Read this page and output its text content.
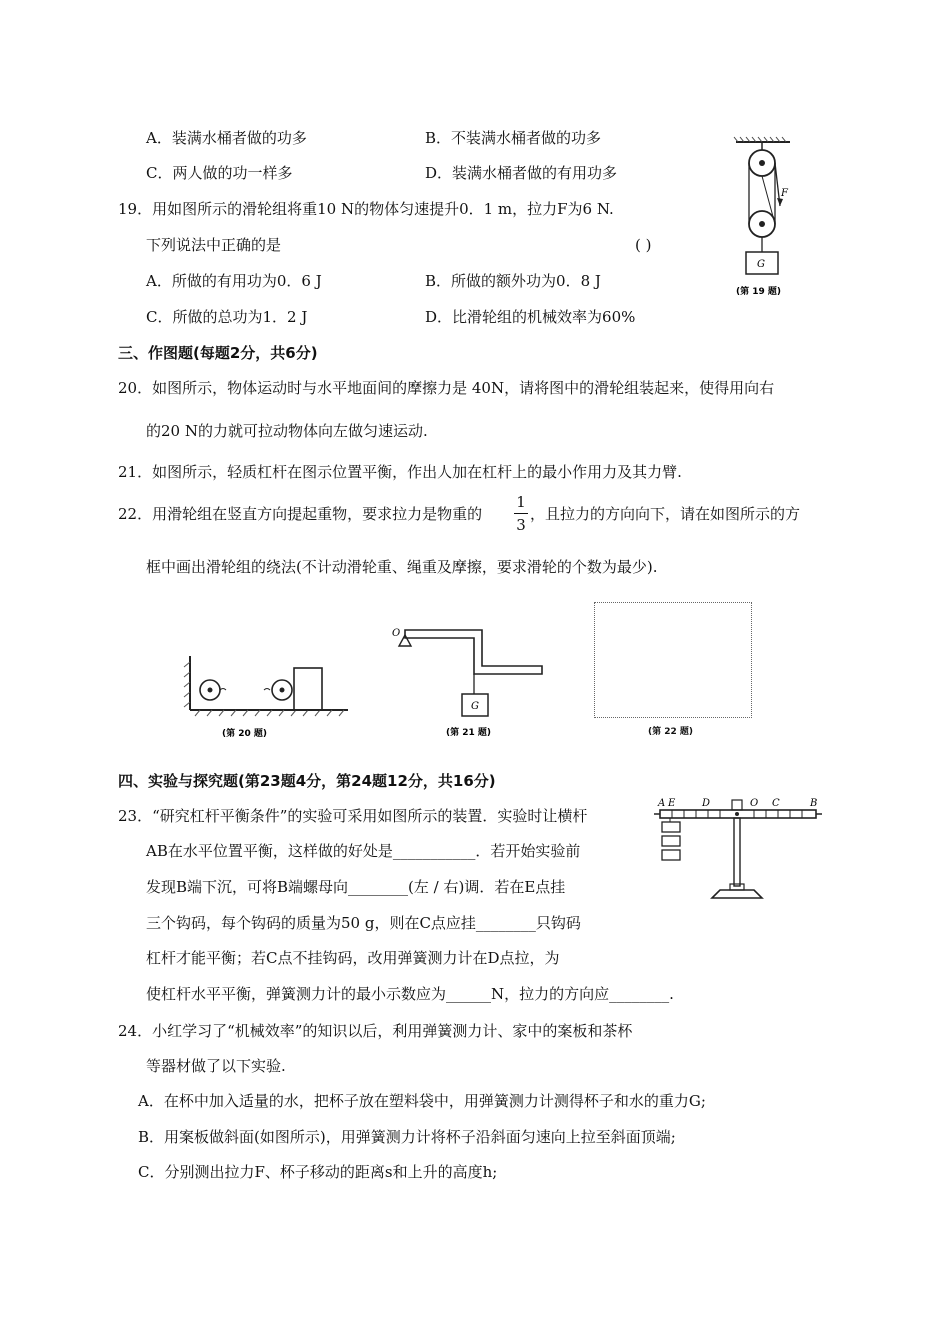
A．装满水桶者做的功多	B．不装满水桶者做的功多
C．两人做的功一样多	D．装满水桶者做的有用功多
19．用如图所示的滑轮组将重10 N的物体匀速提升0．1 m，拉力F为6 N.
下列说法中正确的是	( )
A．所做的有用功为0．6 J	B．所做的额外功为0．8 J
C．所做的总功为1．2 J	D．比滑轮组的机械效率为60%
F
G
(第 19 题)
三、作图题(每题2分，共6分)
20．如图所示，物体运动时与水平地面间的摩擦力是 40N，请将图中的滑轮组装起来，使得用向右
的20 N的力就可拉动物体向左做匀速运动.
21．如图所示，轻质杠杆在图示位置平衡，作出人加在杠杆上的最小作用力及其力臂.
22．用滑轮组在竖直方向提起重物，要求拉力是物重的
1
3
，且拉力的方向向下，请在如图所示的方
框中画出滑轮组的绕法(不计动滑轮重、绳重及摩擦，要求滑轮的个数为最少).
(第 20 题)
O
G
(第 21 题)	(第 22 题)
四、实验与探究题(第23题4分，第24题12分，共16分)
23．“研究杠杆平衡条件”的实验可采用如图所示的装置．实验时让横杆
AB在水平位置平衡，这样做的好处是___________．若开始实验前
发现B端下沉，可将B端螺母向________(左 / 右)调．若在E点挂
三个钩码，每个钩码的质量为50 g，则在C点应挂________只钩码
杠杆才能平衡；若C点不挂钩码，改用弹簧测力计在D点拉，为
使杠杆水平平衡，弹簧测力计的最小示数应为______N，拉力的方向应________.
A E	D	O C	B
24．小红学习了“机械效率”的知识以后，利用弹簧测力计、家中的案板和茶杯
等器材做了以下实验.
A．在杯中加入适量的水，把杯子放在塑料袋中，用弹簧测力计测得杯子和水的重力G;
B．用案板做斜面(如图所示)，用弹簧测力计将杯子沿斜面匀速向上拉至斜面顶端;
C．分别测出拉力F、杯子移动的距离s和上升的高度h;
